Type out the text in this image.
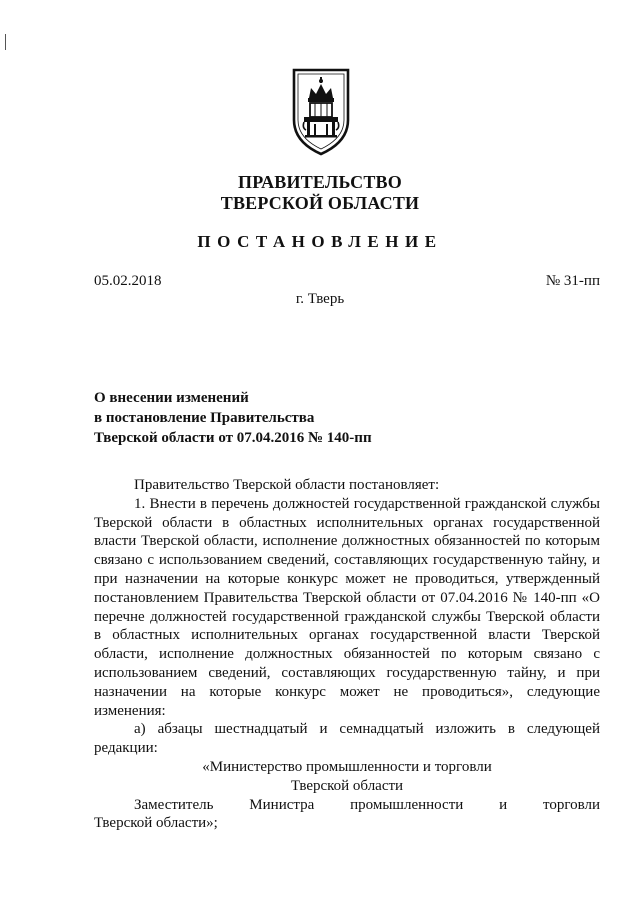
ПРАВИТЕЛЬСТВО
ТВЕРСКОЙ ОБЛАСТИ
ПОСТАНОВЛЕНИЕ
05.02.2018	№ 31-пп
г. Тверь
О внесении изменений
в постановление Правительства
Тверской области от 07.04.2016 № 140-пп

Правительство Тверской области постановляет:

1. Внести в перечень должностей государственной гражданской службы Тверской области в областных исполнительных органах государственной власти Тверской области, исполнение должностных обязанностей по которым связано с использованием сведений, составляющих государственную тайну, и при назначении на которые конкурс может не проводиться, утвержденный постановлением Правительства Тверской области от 07.04.2016 № 140-пп «О перечне должностей государственной гражданской службы Тверской области в областных исполнительных органах государственной власти Тверской области, исполнение должностных обязанностей по которым связано с использованием сведений, составляющих государственную тайну, и при назначении на которые конкурс может не проводиться», следующие изменения:

а) абзацы шестнадцатый и семнадцатый изложить в следующей редакции:

«Министерство промышленности и торговли

Тверской области

Заместитель Министра промышленности и торговли

Тверской области»;
